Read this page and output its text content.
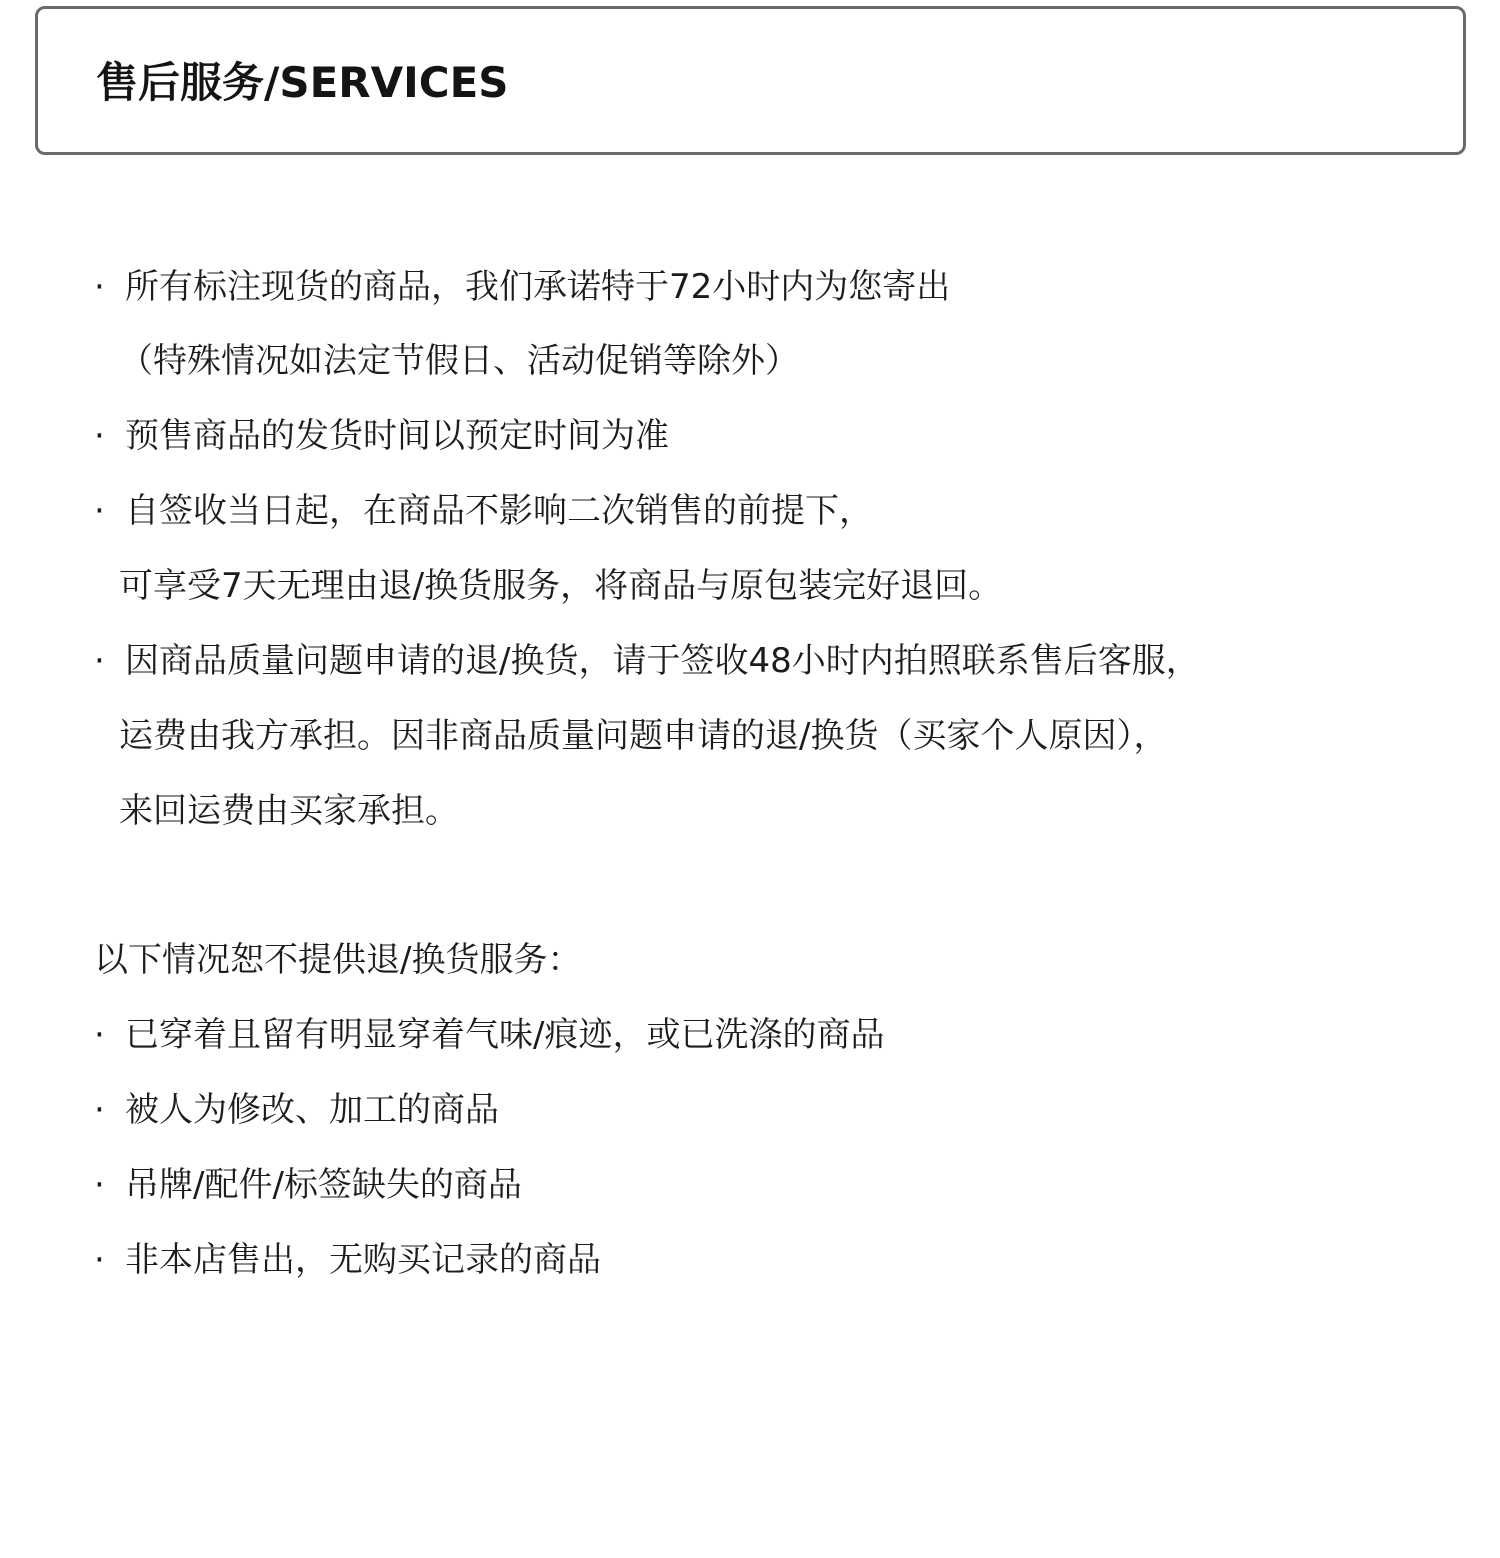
售后服务/SERVICES
· 所有标注现货的商品，我们承诺特于72小时内为您寄出
（特殊情况如法定节假日、活动促销等除外）
· 预售商品的发货时间以预定时间为准
· 自签收当日起，在商品不影响二次销售的前提下，
可享受7天无理由退/换货服务，将商品与原包装完好退回。
· 因商品质量问题申请的退/换货，请于签收48小时内拍照联系售后客服，
运费由我方承担。因非商品质量问题申请的退/换货（买家个人原因），
来回运费由买家承担。
以下情况恕不提供退/换货服务：
· 已穿着且留有明显穿着气味/痕迹，或已洗涤的商品
· 被人为修改、加工的商品
· 吊牌/配件/标签缺失的商品
· 非本店售出，无购买记录的商品
